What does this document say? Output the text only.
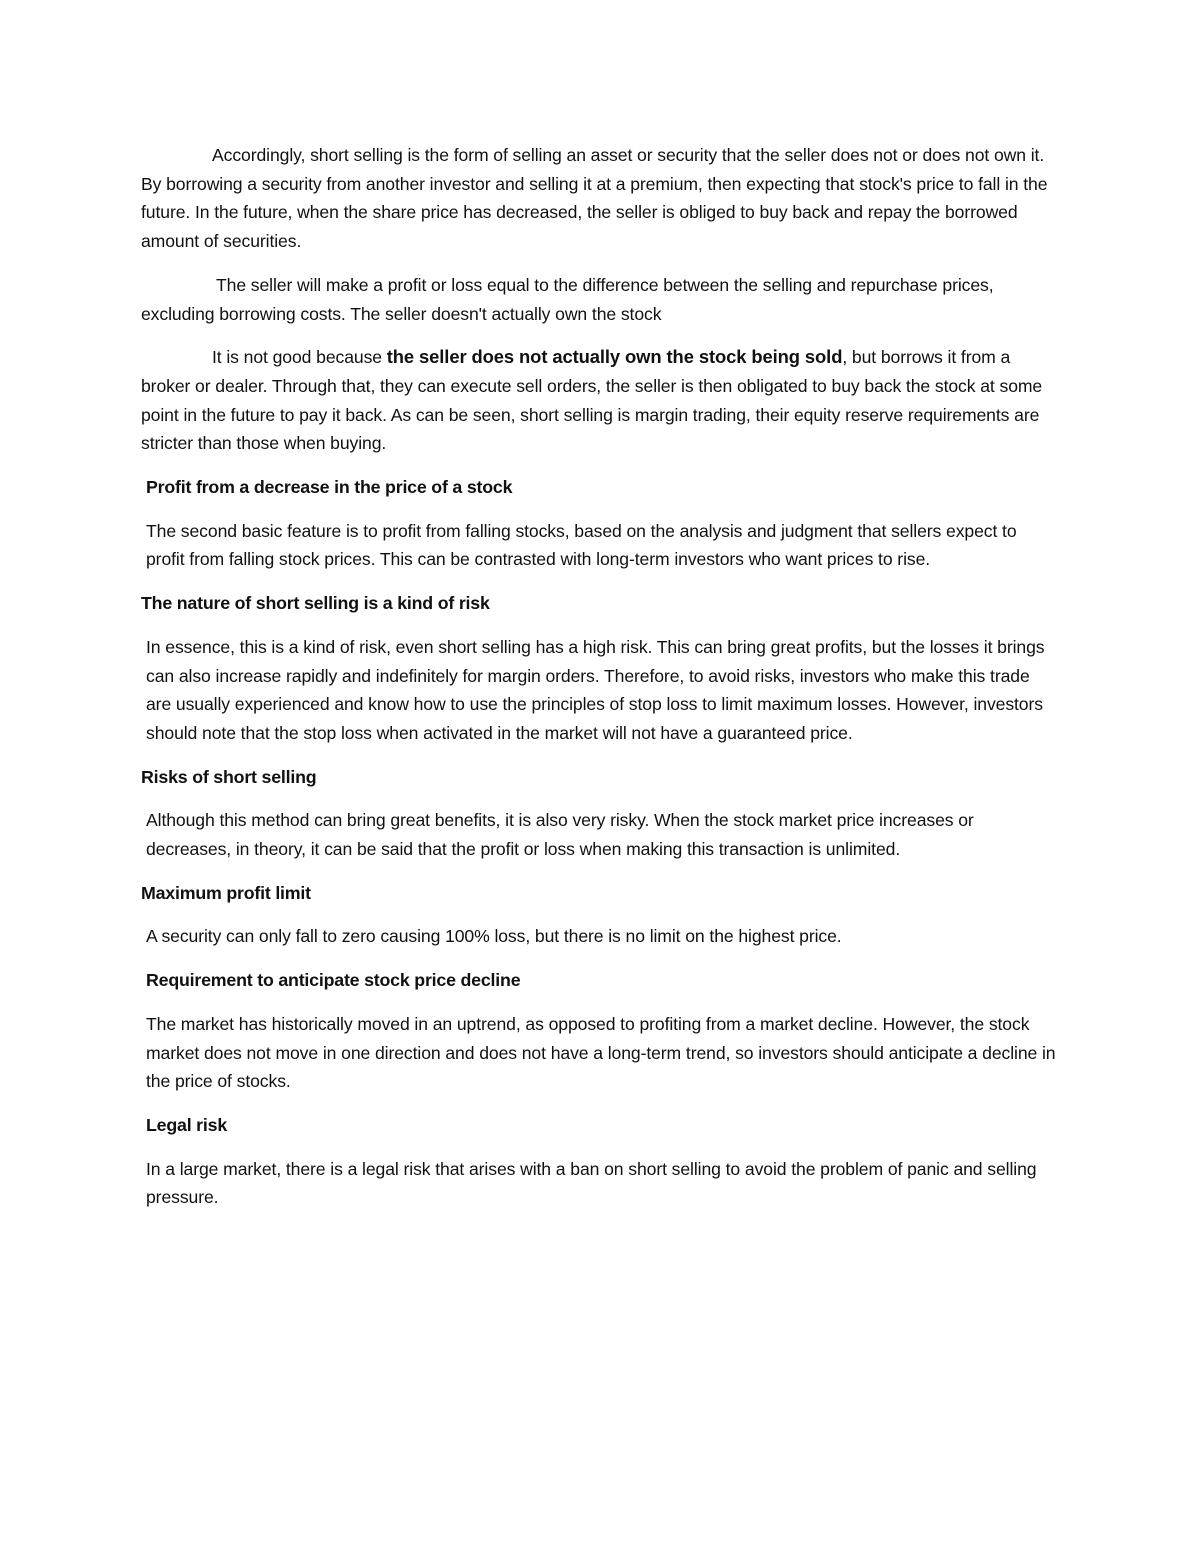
Accordingly, short selling is the form of selling an asset or security that the seller does not or does not own it. By borrowing a security from another investor and selling it at a premium, then expecting that stock's price to fall in the future. In the future, when the share price has decreased, the seller is obliged to buy back and repay the borrowed amount of securities.

The seller will make a profit or loss equal to the difference between the selling and repurchase prices, excluding borrowing costs. The seller doesn't actually own the stock

It is not good because the seller does not actually own the stock being sold, but borrows it from a broker or dealer. Through that, they can execute sell orders, the seller is then obligated to buy back the stock at some point in the future to pay it back. As can be seen, short selling is margin trading, their equity reserve requirements are stricter than those when buying.

Profit from a decrease in the price of a stock

The second basic feature is to profit from falling stocks, based on the analysis and judgment that sellers expect to profit from falling stock prices. This can be contrasted with long-term investors who want prices to rise.

The nature of short selling is a kind of risk

In essence, this is a kind of risk, even short selling has a high risk. This can bring great profits, but the losses it brings can also increase rapidly and indefinitely for margin orders. Therefore, to avoid risks, investors who make this trade are usually experienced and know how to use the principles of stop loss to limit maximum losses. However, investors should note that the stop loss when activated in the market will not have a guaranteed price.

Risks of short selling

Although this method can bring great benefits, it is also very risky. When the stock market price increases or decreases, in theory, it can be said that the profit or loss when making this transaction is unlimited.

Maximum profit limit

A security can only fall to zero causing 100% loss, but there is no limit on the highest price.

Requirement to anticipate stock price decline

The market has historically moved in an uptrend, as opposed to profiting from a market decline. However, the stock market does not move in one direction and does not have a long-term trend, so investors should anticipate a decline in the price of stocks.

Legal risk

In a large market, there is a legal risk that arises with a ban on short selling to avoid the problem of panic and selling pressure.
